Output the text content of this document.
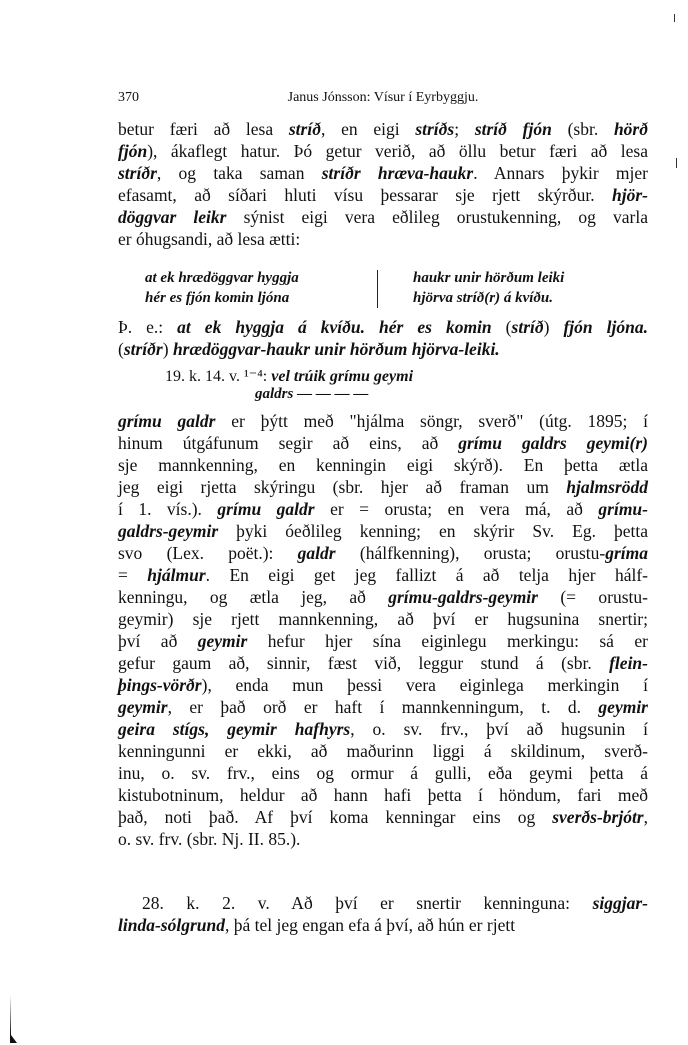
370	Janus Jónsson: Vísur í Eyrbyggju.
betur færi að lesa stríð, en eigi stríðs; stríð fjón (sbr. hörð
fjón), ákaflegt hatur. Þó getur verið, að öllu betur færi að lesa
stríðr, og taka saman stríðr hræva-haukr. Annars þykir mjer
efasamt, að síðari hluti vísu þessarar sje rjett skýrður. hjör-
döggvar leikr sýnist eigi vera eðlileg orustukenning, og varla
er óhugsandi, að lesa ætti:
at ek hrædöggvar hyggja
hér es fjón komin ljóna
haukr unir hörðum leiki
hjörva stríð(r) á kvíðu.
Þ. e.: at ek hyggja á kvíðu. hér es komin (stríð) fjón ljóna.
(stríðr) hrædöggvar-haukr unir hörðum hjörva-leiki.
19. k. 14. v. ¹⁻⁴: vel trúik grímu geymi
galdrs — — — —
grímu galdr er þýtt með "hjálma söngr, sverð" (útg. 1895; í
hinum útgáfunum segir að eins, að grímu galdrs geymi(r)
sje mannkenning, en kenningin eigi skýrð). En þetta ætla
jeg eigi rjetta skýringu (sbr. hjer að framan um hjalmsrödd
í 1. vís.). grímu galdr er = orusta; en vera má, að grímu-
galdrs-geymir þyki óeðlileg kenning; en skýrir Sv. Eg. þetta
svo (Lex. poët.): galdr (hálfkenning), orusta; orustu-gríma
= hjálmur. En eigi get jeg fallizt á að telja hjer hálf-
kenningu, og ætla jeg, að grímu-galdrs-geymir (= orustu-
geymir) sje rjett mannkenning, að því er hugsunina snertir;
því að geymir hefur hjer sína eiginlegu merkingu: sá er
gefur gaum að, sinnir, fæst við, leggur stund á (sbr. flein-
þings-vörðr), enda mun þessi vera eiginlega merkingin í
geymir, er það orð er haft í mannkenningum, t. d. geymir
geira stígs, geymir hafhyrs, o. sv. frv., því að hugsunin í
kenningunni er ekki, að maðurinn liggi á skildinum, sverð-
inu, o. sv. frv., eins og ormur á gulli, eða geymi þetta á
kistubotninum, heldur að hann hafi þetta í höndum, fari með
það, noti það. Af því koma kenningar eins og sverðs-brjótr,
o. sv. frv. (sbr. Nj. II. 85.).
28. k. 2. v. Að því er snertir kenninguna: siggjar-
linda-sólgrund, þá tel jeg engan efa á því, að hún er rjett
